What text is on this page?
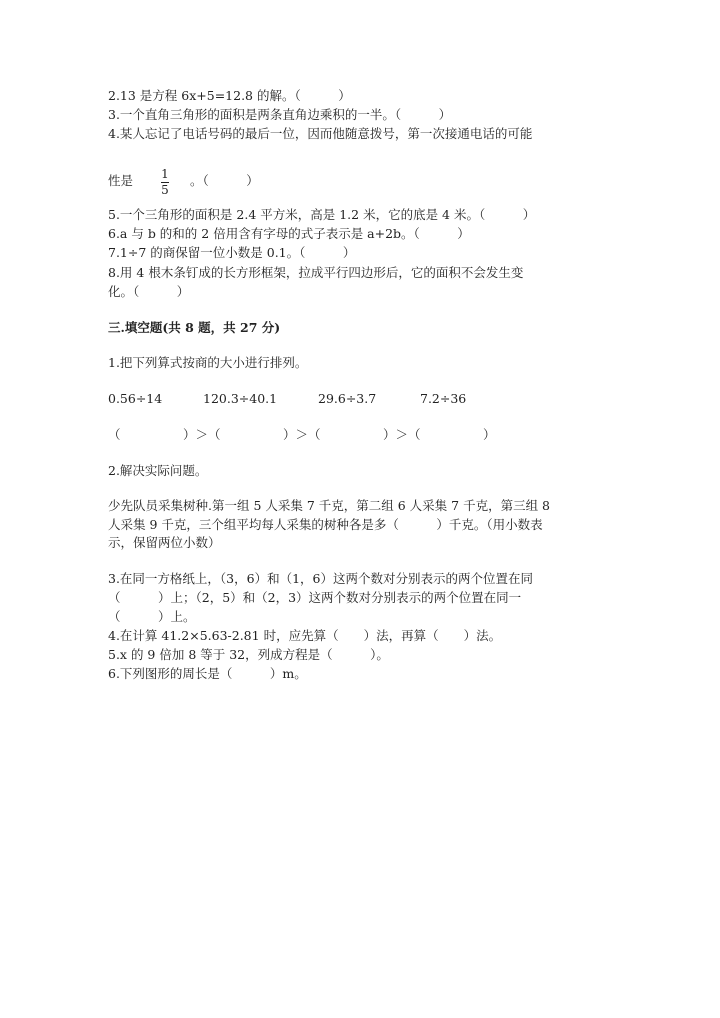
2.13 是方程 6x+5=12.8 的解。（　　　）
3.一个直角三角形的面积是两条直角边乘积的一半。（　　　）
4.某人忘记了电话号码的最后一位，因而他随意拨号，第一次接通电话的可能
性是 1
5
。（　　　）
5.一个三角形的面积是 2.4 平方米，高是 1.2 米，它的底是 4 米。（　　　）
6.a 与 b 的和的 2 倍用含有字母的式子表示是 a+2b。（　　　）
7.1÷7 的商保留一位小数是 0.1。（　　　）
8.用 4 根木条钉成的长方形框架，拉成平行四边形后，它的面积不会发生变
化。（　　　）
三.填空题(共 8 题，共 27 分)
1.把下列算式按商的大小进行排列。
0.56÷14	120.3÷40.1	29.6÷3.7	7.2÷36
（　　　　　）＞（　　　　　）＞（　　　　　）＞（　　　　　）
2.解决实际问题。
少先队员采集树种.第一组 5 人采集 7 千克，第二组 6 人采集 7 千克，第三组 8
人采集 9 千克，三个组平均每人采集的树种各是多（　　　）千克。（用小数表
示，保留两位小数）
3.在同一方格纸上，（3，6）和（1，6）这两个数对分别表示的两个位置在同
（　　　）上；（2，5）和（2，3）这两个数对分别表示的两个位置在同一
（　　　）上。
4.在计算 41.2×5.63-2.81 时，应先算（　　）法，再算（　　）法。
5.x 的 9 倍加 8 等于 32，列成方程是（　　　）。
6.下列图形的周长是（　　　）m。
